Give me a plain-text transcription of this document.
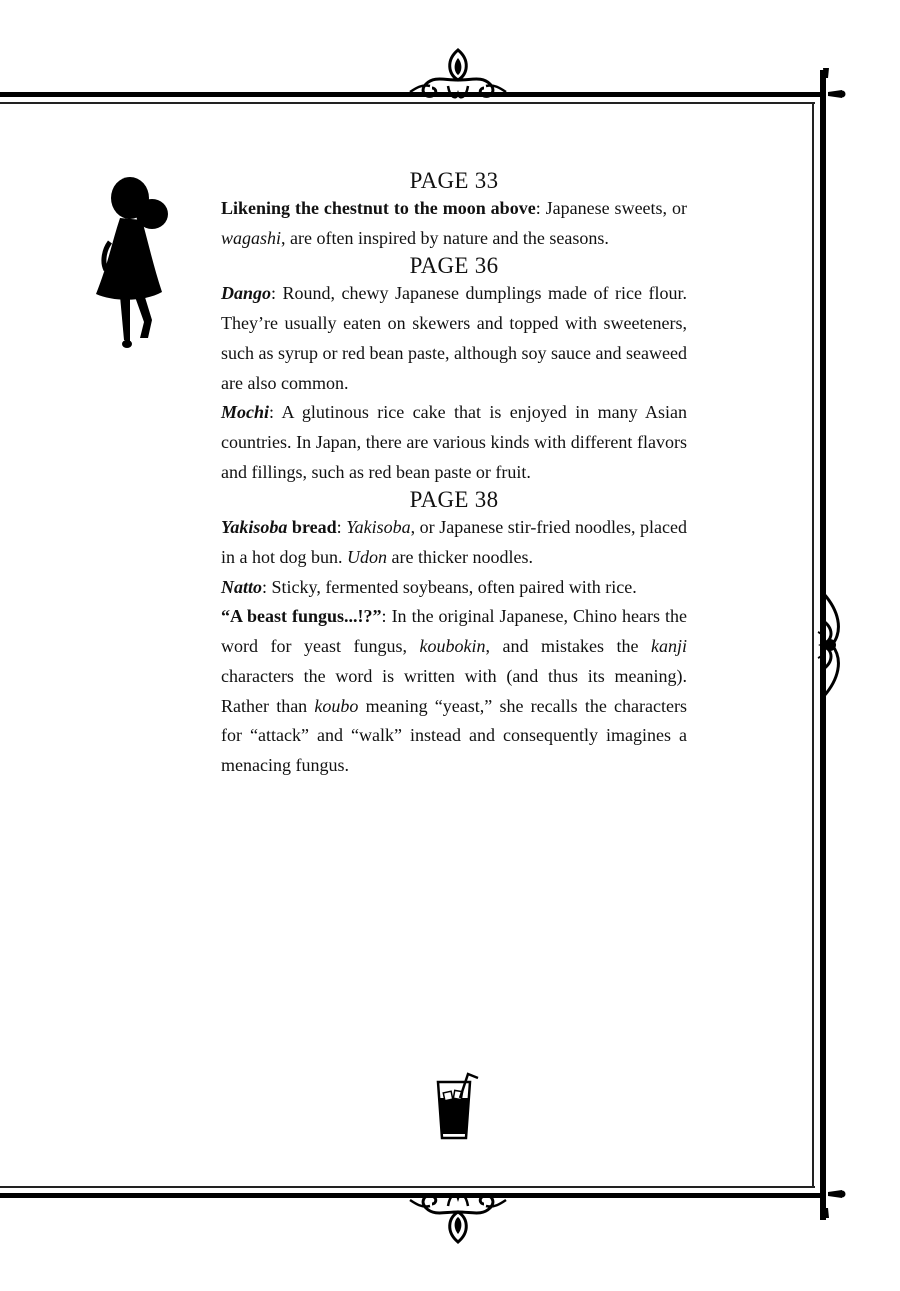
PAGE 33

Likening the chestnut to the moon above: Japanese sweets, or wagashi, are often inspired by nature and the seasons.

PAGE 36

Dango: Round, chewy Japanese dumplings made of rice flour. They’re usually eaten on skewers and topped with sweeteners, such as syrup or red bean paste, although soy sauce and seaweed are also common.

Mochi: A glutinous rice cake that is enjoyed in many Asian countries. In Japan, there are various kinds with different flavors and fillings, such as red bean paste or fruit.

PAGE 38

Yakisoba bread: Yakisoba, or Japanese stir-fried noodles, placed in a hot dog bun. Udon are thicker noodles.

Natto: Sticky, fermented soybeans, often paired with rice.

“A beast fungus...!?”: In the original Japanese, Chino hears the word for yeast fungus, koubokin, and mistakes the kanji characters the word is written with (and thus its meaning). Rather than koubo meaning “yeast,” she recalls the characters for “attack” and “walk” instead and consequently imagines a menacing fungus.
